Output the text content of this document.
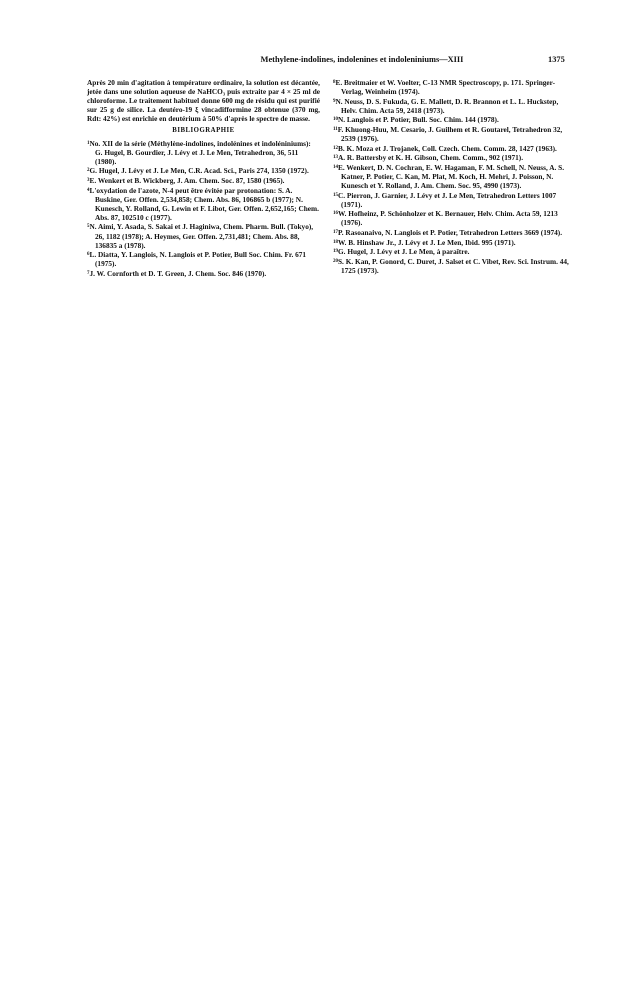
Methylene-indolines, indolenines et indoleniniums—XIII	1375

Après 20 min d'agitation à température ordinaire, la solution est décantée, jetée dans une solution aqueuse de NaHCO₃ puis extraite par 4 × 25 ml de chloroforme. Le traitement habituel donne 600 mg de résidu qui est purifié sur 25 g de silice. La deutéro-19 ξ vincadifformine 28 obtenue (370 mg, Rdt: 42%) est enrichie en deutérium à 50% d'après le spectre de masse.

BIBLIOGRAPHIE
$^1$No. XII de la série (Méthylène-indolines, indolénines et indoléniniums): G. Hugel, B. Gourdier, J. Lévy et J. Le Men, Tetrahedron, 36, 511 (1980).
$^2$G. Hugel, J. Lévy et J. Le Men, C.R. Acad. Sci., Paris 274, 1350 (1972).
$^3$E. Wenkert et B. Wickberg, J. Am. Chem. Soc. 87, 1580 (1965).
$^4$L'oxydation de l'azote, N-4 peut être évitée par protonation: S. A. Buskine, Ger. Offen. 2,534,858; Chem. Abs. 86, 106865 b (1977); N. Kunesch, Y. Rolland, G. Lewin et F. Libot, Ger. Offen. 2,652,165; Chem. Abs. 87, 102510 c (1977).
$^5$N. Aimi, Y. Asada, S. Sakai et J. Haginiwa, Chem. Pharm. Bull. (Tokyo), 26, 1182 (1978); A. Heymes, Ger. Offen. 2,731,481; Chem. Abs. 88, 136835 a (1978).
$^6$L. Diatta, Y. Langlois, N. Langlois et P. Potier, Bull Soc. Chim. Fr. 671 (1975).
$^7$J. W. Cornforth et D. T. Green, J. Chem. Soc. 846 (1970).
$^8$E. Breitmaier et W. Voelter, C-13 NMR Spectroscopy, p. 171. Springer-Verlag, Weinheim (1974).
$^9$N. Neuss, D. S. Fukuda, G. E. Mallett, D. R. Brannon et L. L. Huckstep, Helv. Chim. Acta 59, 2418 (1973).
$^{10}$N. Langlois et P. Potier, Bull. Soc. Chim. 144 (1978).
$^{11}$F. Khuong-Huu, M. Cesario, J. Guilhem et R. Goutarel, Tetrahedron 32, 2539 (1976).
$^{12}$B. K. Moza et J. Trojanek, Coll. Czech. Chem. Comm. 28, 1427 (1963).
$^{13}$A. R. Battersby et K. H. Gibson, Chem. Comm., 902 (1971).
$^{14}$E. Wenkert, D. N. Cochran, E. W. Hagaman, F. M. Schell, N. Neuss, A. S. Katner, P. Potier, C. Kan, M. Plat, M. Koch, H. Mehri, J. Poisson, N. Kunesch et Y. Rolland, J. Am. Chem. Soc. 95, 4990 (1973).
$^{15}$C. Pierron, J. Garnier, J. Lévy et J. Le Men, Tetrahedron Letters 1007 (1971).
$^{16}$W. Hofheinz, P. Schönholzer et K. Bernauer, Helv. Chim. Acta 59, 1213 (1976).
$^{17}$P. Rasoanaivo, N. Langlois et P. Potier, Tetrahedron Letters 3669 (1974).
$^{18}$W. B. Hinshaw Jr., J. Lévy et J. Le Men, Ibid. 995 (1971).
$^{19}$G. Hugel, J. Lévy et J. Le Men, à paraître.
$^{20}$S. K. Kan, P. Gonord, C. Duret, J. Salset et C. Vibet, Rev. Sci. Instrum. 44, 1725 (1973).
